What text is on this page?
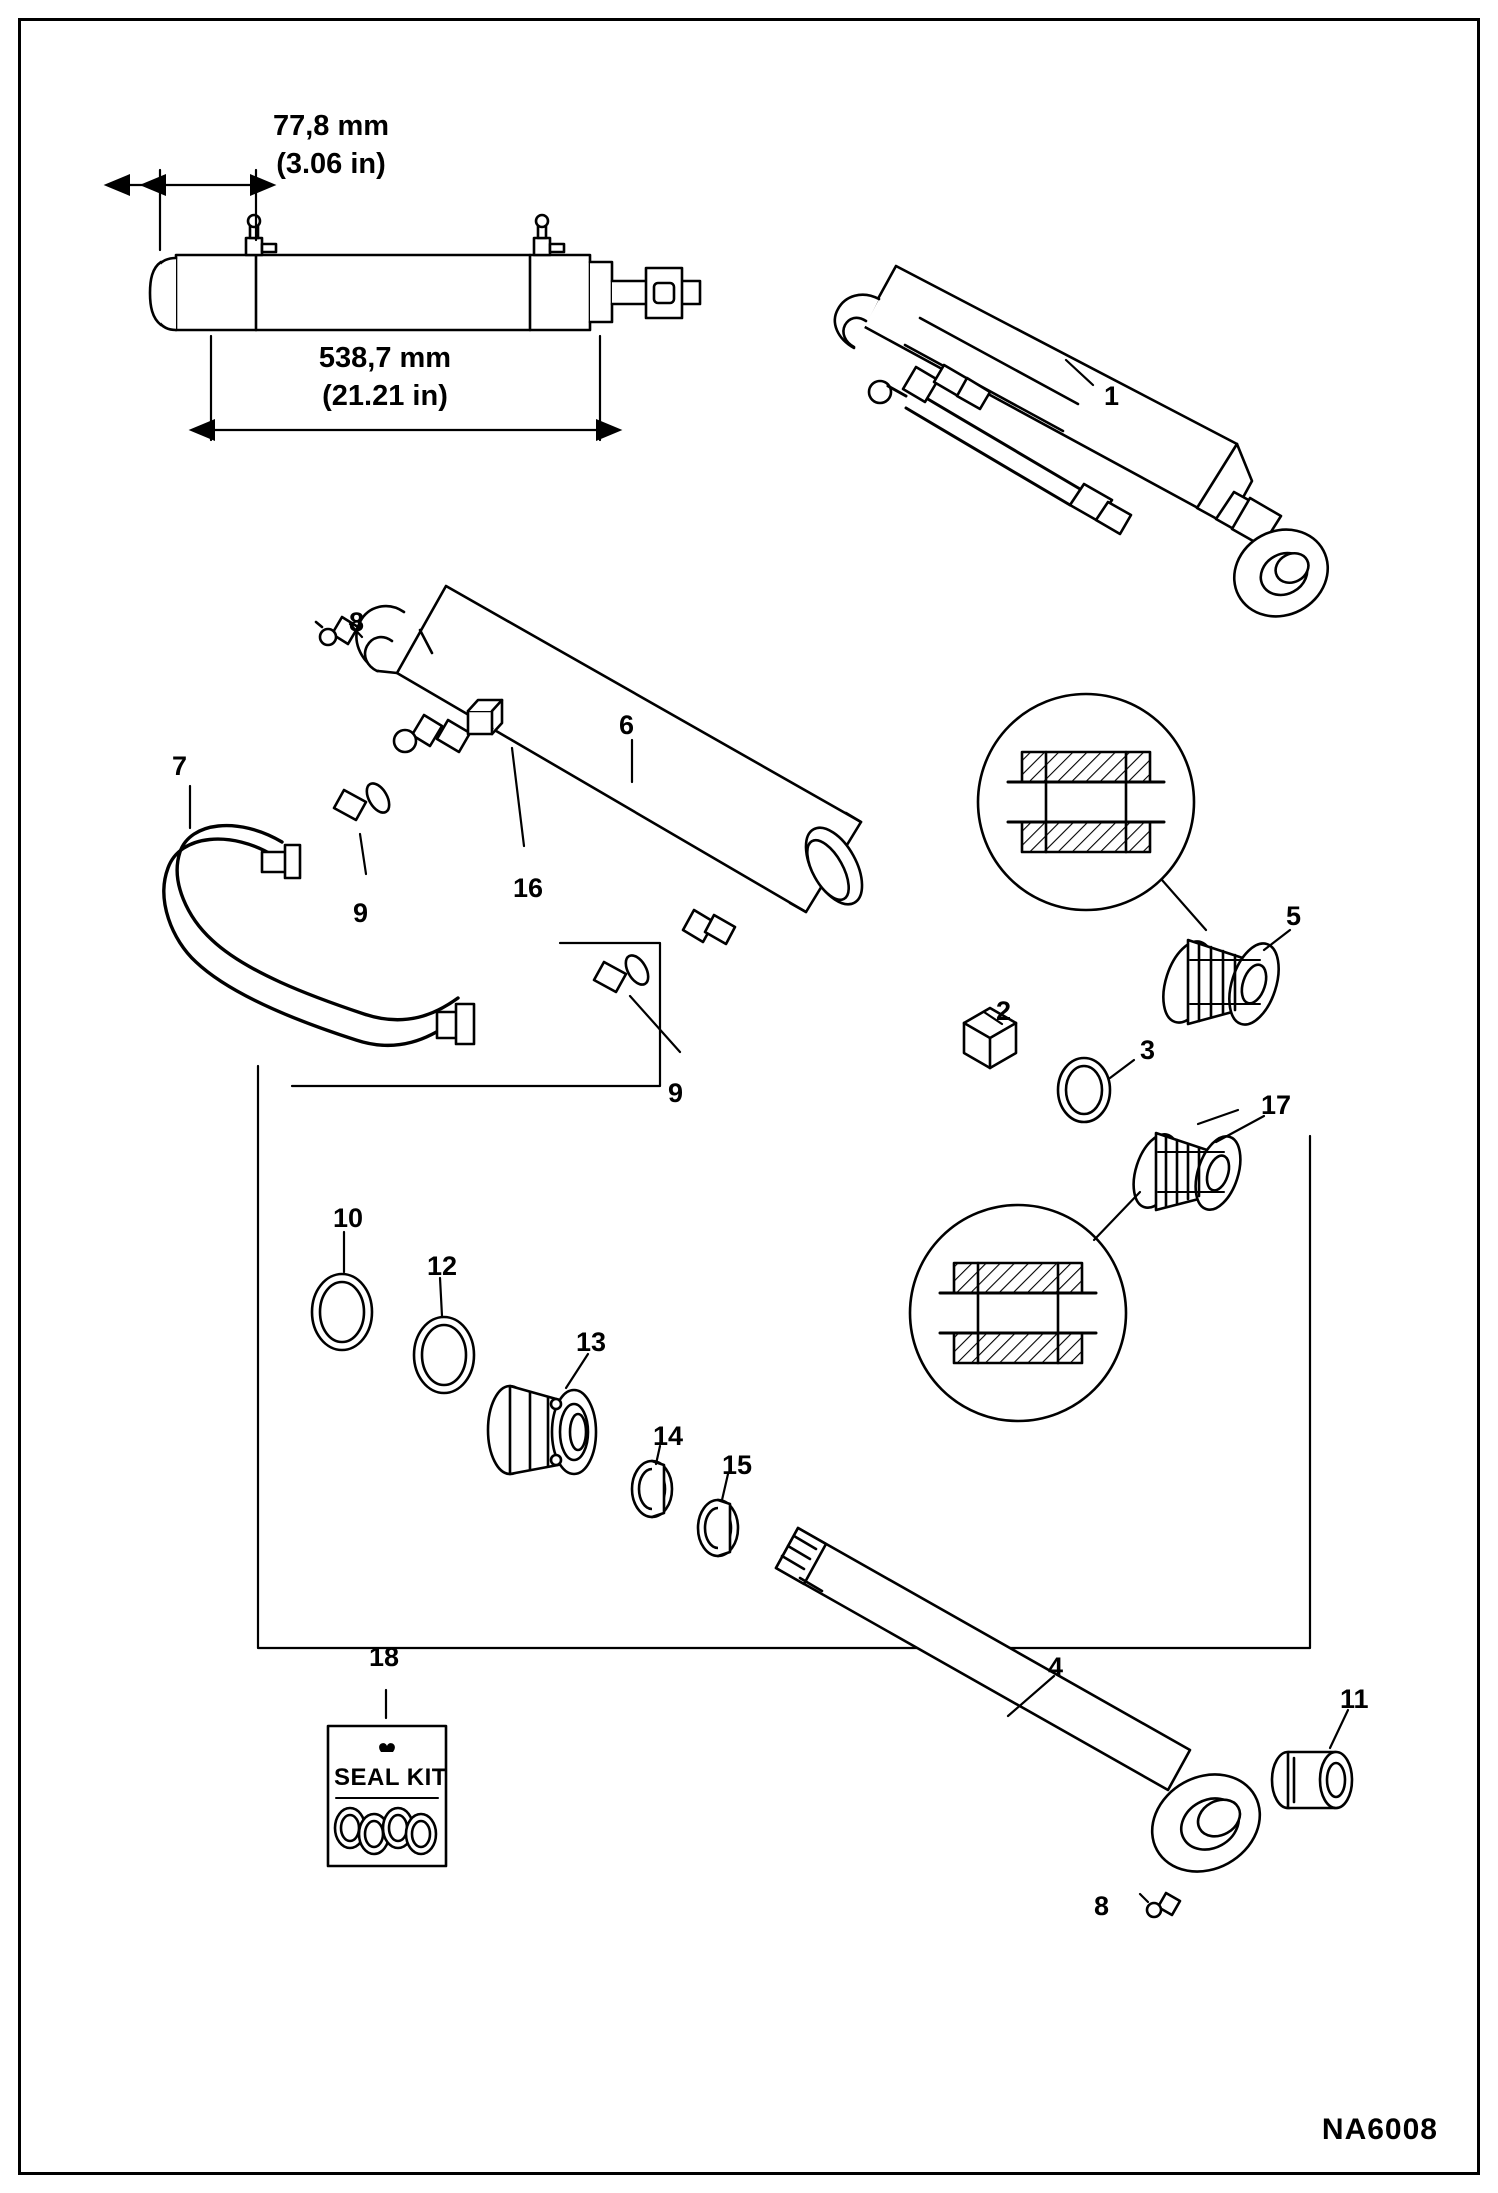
77,8 mm
(3.06 in)
538,7 mm
(21.21 in)
SEAL KIT
1
2
3
4
5
6
7
8
9
10
11
12
13
14
15
16
17
18
8
9
NA6008
